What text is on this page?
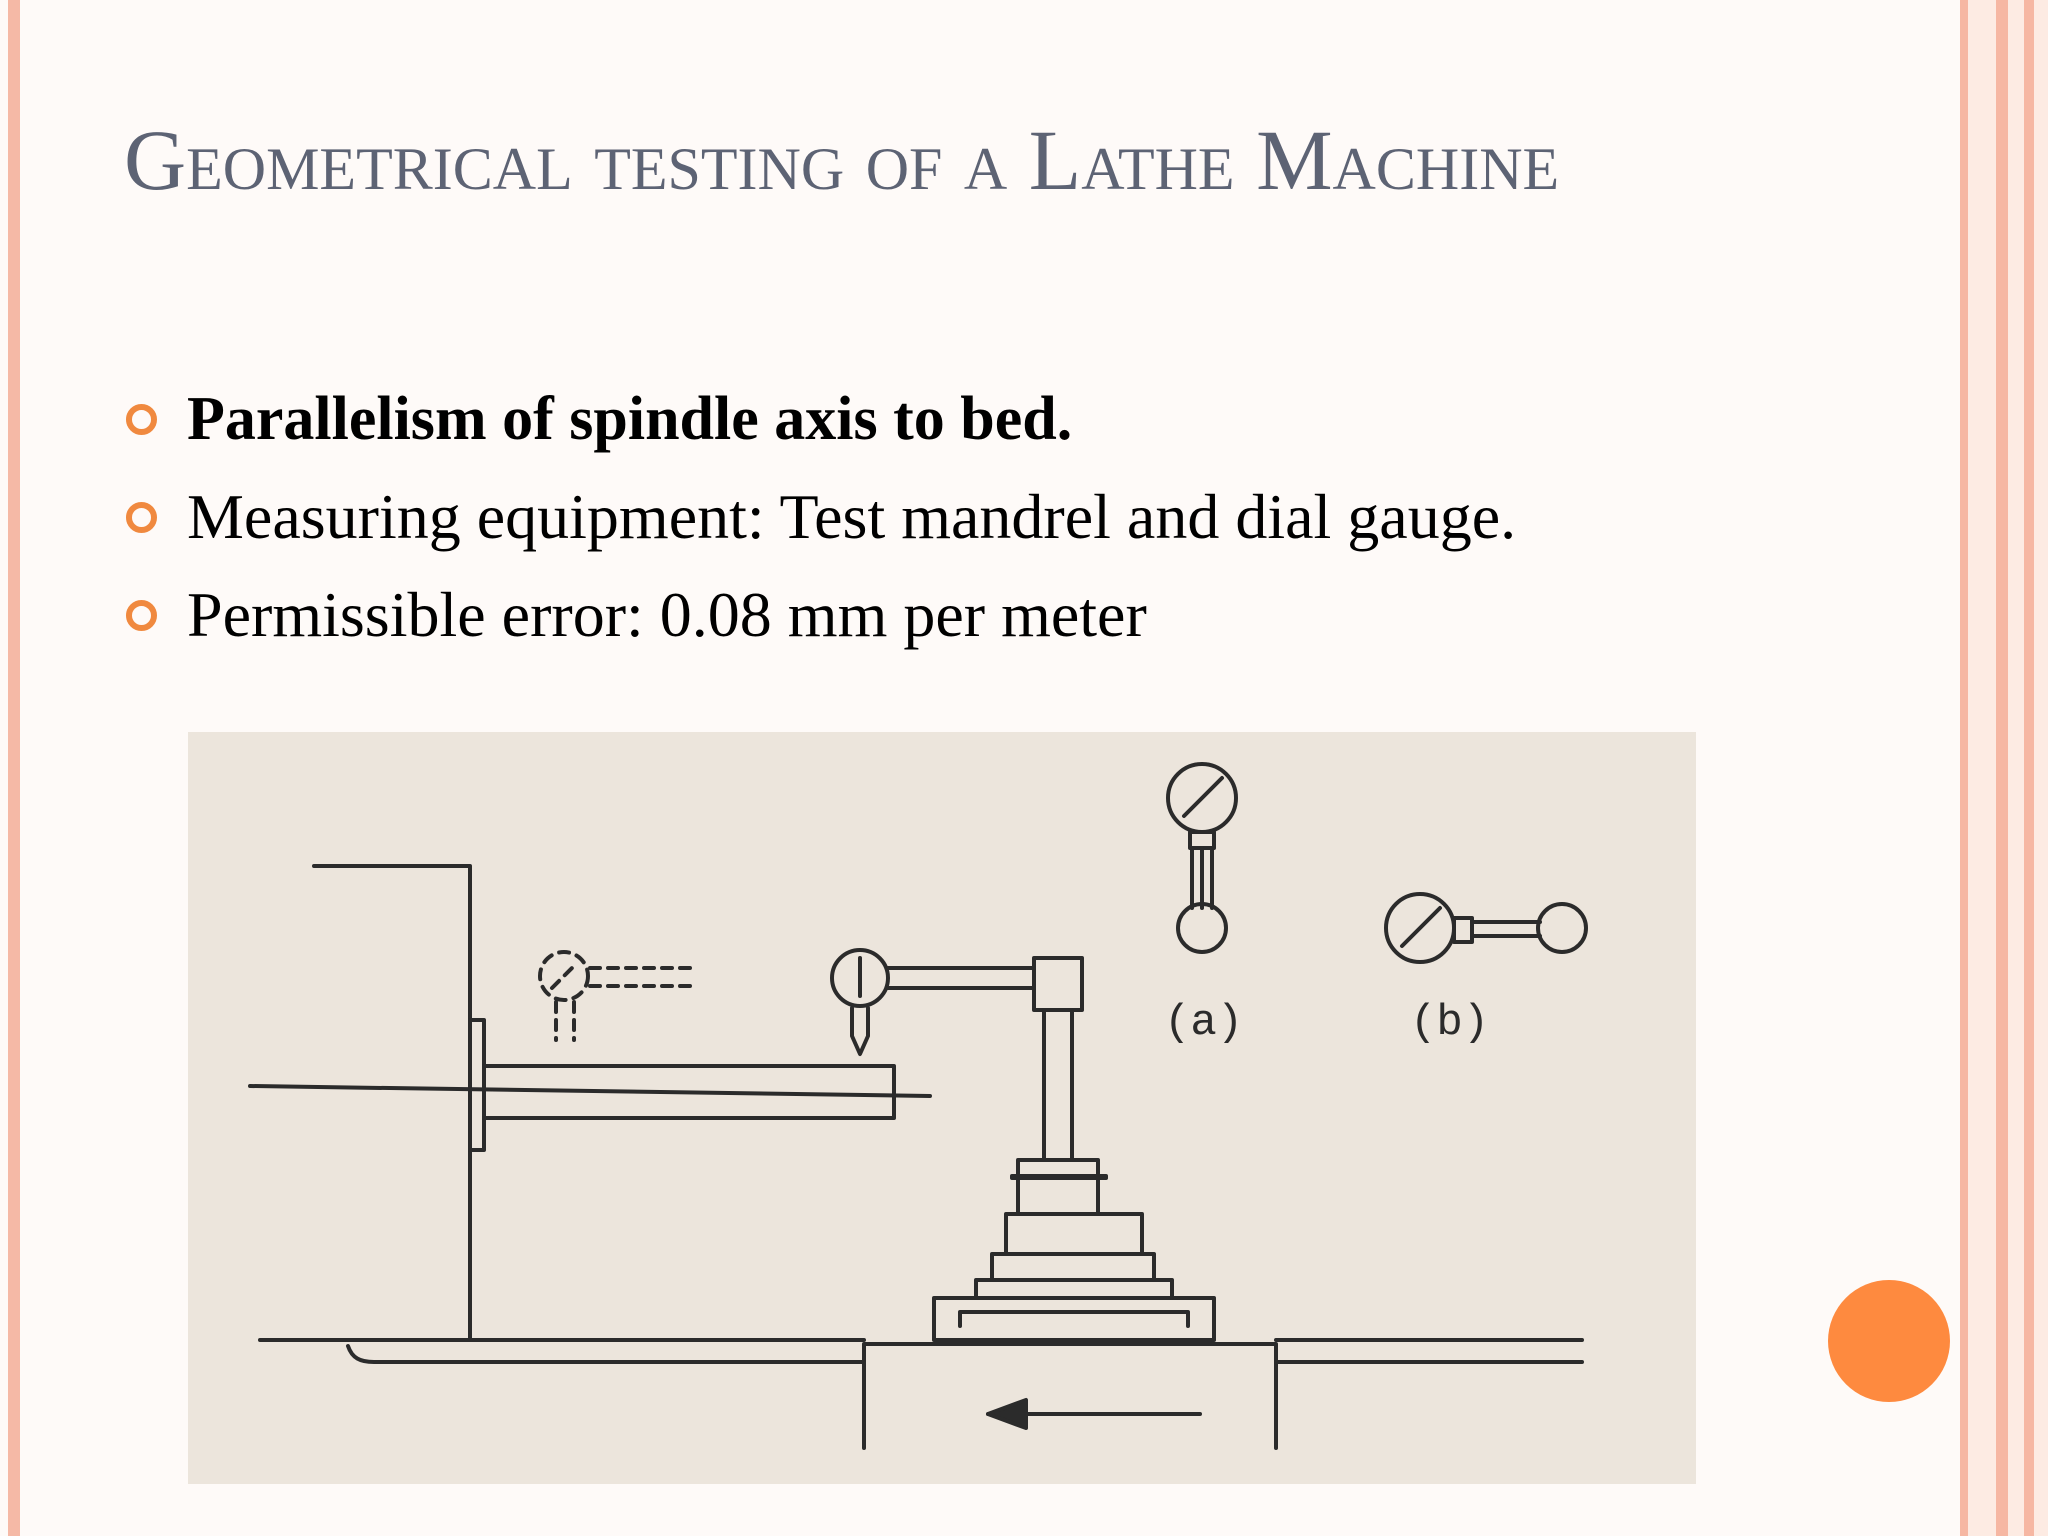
Geometrical testing of a Lathe Machine
Parallelism of spindle axis to bed.
Measuring equipment: Test mandrel and dial gauge.
Permissible error: 0.08 mm per meter
(a)	(b)
